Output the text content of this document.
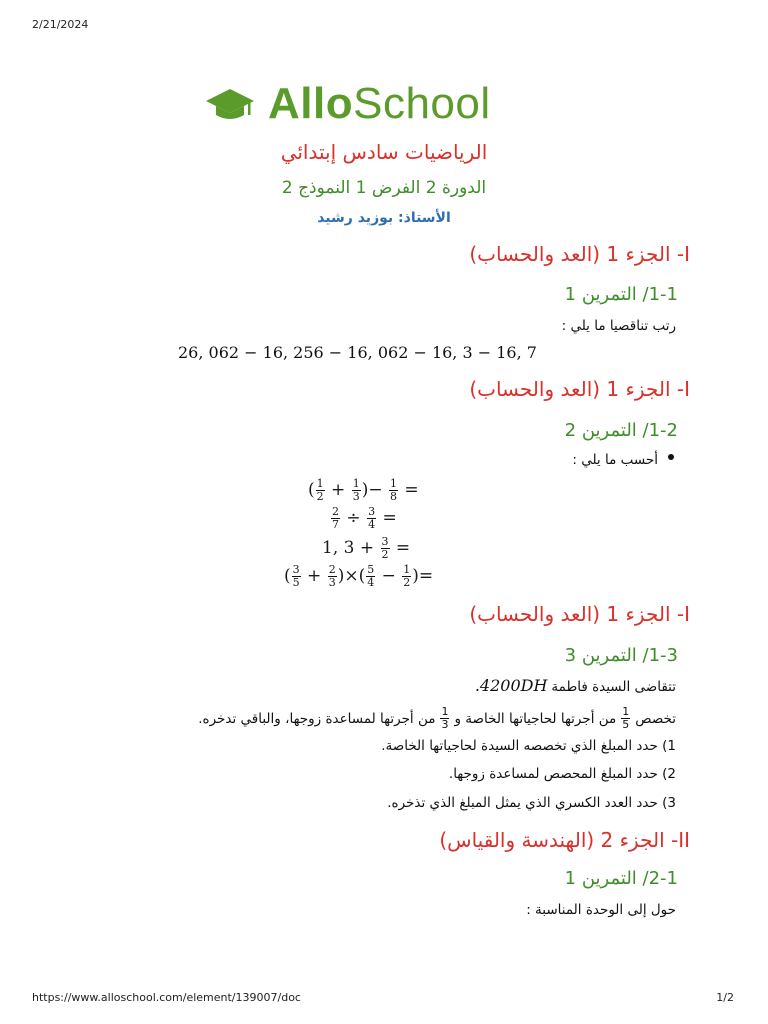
2/21/2024
AlloSchool
الرياضيات سادس إبتدائي
الدورة 2 الفرض 1 النموذج 2
الأستاذ: بوزيد رشيد
I- الجزء 1 (العد والحساب)
1-1/ التمرين 1
رتب تناقصيا ما يلي :
26, 062 − 16, 256 − 16, 062 − 16, 3 − 16, 7
I- الجزء 1 (العد والحساب)
1-2/ التمرين 2
أحسب ما يلي :
( $\frac{1}{2} + \frac{1}{3}$ )− $\frac{1}{8}$ =
$\frac{2}{7} \div \frac{3}{4}$ =
1, $3 + \frac{3}{2}$ =
( $\frac{3}{5} + \frac{2}{3}$ )×( $\frac{5}{4} - \frac{1}{2}$ )=
I- الجزء 1 (العد والحساب)
1-3/ التمرين 3
تتقاضى السيدة فاطمة
4200DH.
تخصص
$\frac{1}{5}$
من أجرتها لحاجياتها الخاصة و
$\frac{1}{3}$
من أجرتها لمساعدة زوجها، والباقي تدخره.
1) حدد المبلغ الذي تخصصه السيدة لحاجياتها الخاصة.
2) حدد المبلغ المحصص لمساعدة زوجها.
3) حدد العدد الكسري الذي يمثل المبلغ الذي تذخره.
II- الجزء 2 (الهندسة والقياس)
2-1/ التمرين 1
حول إلى الوحدة المناسبة :
https://www.alloschool.com/element/139007/doc	1/2
